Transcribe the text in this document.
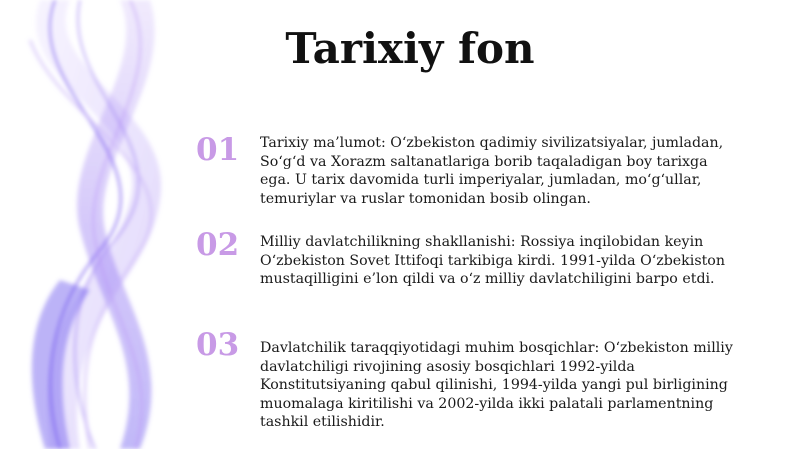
Tarixiy fon
01	Tarixiy ma’lumot: O‘zbekiston qadimiy sivilizatsiyalar, jumladan, So‘g‘d va Xorazm saltanatlariga borib taqaladigan boy tarixga ega. U tarix davomida turli imperiyalar, jumladan, mo‘g‘ullar, temuriylar va ruslar tomonidan bosib olingan.

02	Milliy davlatchilikning shakllanishi: Rossiya inqilobidan keyin O‘zbekiston Sovet Ittifoqi tarkibiga kirdi. 1991-yilda O‘zbekiston mustaqilligini e’lon qildi va o‘z milliy davlatchiligini barpo etdi.

03	Davlatchilik taraqqiyotidagi muhim bosqichlar: O‘zbekiston milliy davlatchiligi rivojining asosiy bosqichlari 1992-yilda Konstitutsiyaning qabul qilinishi, 1994-yilda yangi pul birligining muomalaga kiritilishi va 2002-yilda ikki palatali parlamentning tashkil etilishidir.
